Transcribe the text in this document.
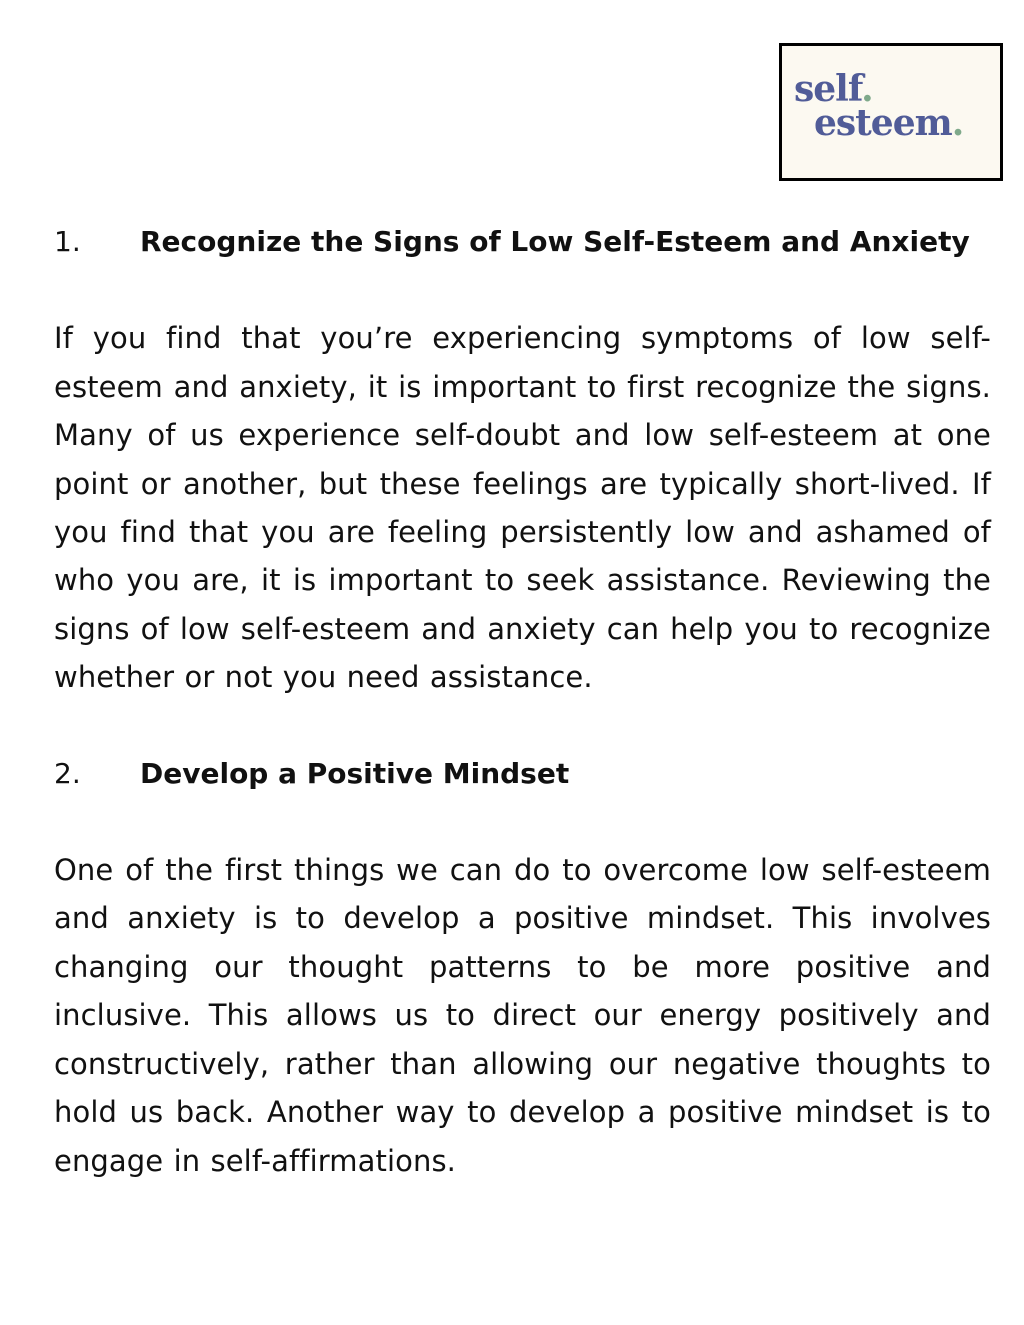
self.
esteem.
1. Recognize the Signs of Low Self-Esteem and Anxiety
If you find that you’re experiencing symptoms of low self-esteem and anxiety, it is important to first recognize the signs. Many of us experience self-doubt and low self-esteem at one point or another, but these feelings are typically short-lived. If you find that you are feeling persistently low and ashamed of who you are, it is important to seek assistance. Reviewing the signs of low self-esteem and anxiety can help you to recognize whether or not you need assistance.
2. Develop a Positive Mindset
One of the first things we can do to overcome low self-esteem and anxiety is to develop a positive mindset. This involves changing our thought patterns to be more positive and inclusive. This allows us to direct our energy positively and constructively, rather than allowing our negative thoughts to hold us back. Another way to develop a positive mindset is to engage in self-affirmations.
